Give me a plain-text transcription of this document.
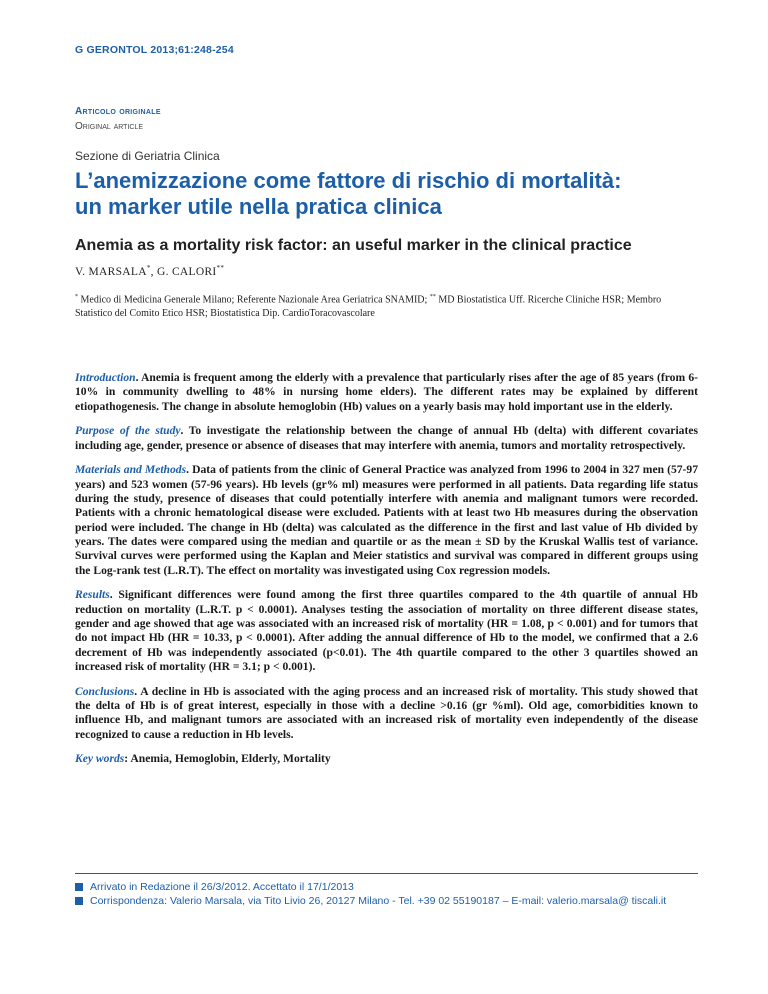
G GERONTOL 2013;61:248-254
Articolo originale
Original article
Sezione di Geriatria Clinica
L’anemizzazione come fattore di rischio di mortalità:
un marker utile nella pratica clinica
Anemia as a mortality risk factor: an useful marker in the clinical practice
V. MARSALA*, G. CALORI**
* Medico di Medicina Generale Milano; Referente Nazionale Area Geriatrica SNAMID; ** MD Biostatistica Uff. Ricerche Cliniche HSR; Membro Statistico del Comito Etico HSR; Biostatistica Dip. CardioToracovascolare

Introduction. Anemia is frequent among the elderly with a prevalence that particularly rises after the age of 85 years (from 6-10% in community dwelling to 48% in nursing home elders). The different rates may be explained by different etiopathogenesis. The change in absolute hemoglobin (Hb) values on a yearly basis may hold important use in the elderly.

Purpose of the study. To investigate the relationship between the change of annual Hb (delta) with different covariates including age, gender, presence or absence of diseases that may interfere with anemia, tumors and mortality retrospectively.

Materials and Methods. Data of patients from the clinic of General Practice was analyzed from 1996 to 2004 in 327 men (57-97 years) and 523 women (57-96 years). Hb levels (gr% ml) measures were performed in all patients. Data regarding life status during the study, presence of diseases that could potentially interfere with anemia and malignant tumors were recorded. Patients with a chronic hematological disease were excluded. Patients with at least two Hb measures during the observation period were included. The change in Hb (delta) was calculated as the difference in the first and last value of Hb divided by years. The dates were compared using the median and quartile or as the mean ± SD by the Kruskal Wallis test of variance. Survival curves were performed using the Kaplan and Meier statistics and survival was compared in different groups using the Log-rank test (L.R.T). The effect on mortality was investigated using Cox regression models.

Results. Significant differences were found among the first three quartiles compared to the 4th quartile of annual Hb reduction on mortality (L.R.T. p < 0.0001). Analyses testing the association of mortality on three different disease states, gender and age showed that age was associated with an increased risk of mortality (HR = 1.08, p < 0.001) and for tumors that do not impact Hb (HR = 10.33, p < 0.0001). After adding the annual difference of Hb to the model, we confirmed that a 2.6 decrement of Hb was independently associated (p<0.01). The 4th quartile compared to the other 3 quartiles showed an increased risk of mortality (HR = 3.1; p < 0.001).

Conclusions. A decline in Hb is associated with the aging process and an increased risk of mortality. This study showed that the delta of Hb is of great interest, especially in those with a decline >0.16 (gr %ml). Old age, comorbidities known to influence Hb, and malignant tumors are associated with an increased risk of mortality even independently of the disease recognized to cause a reduction in Hb levels.

Key words: Anemia, Hemoglobin, Elderly, Mortality

Arrivato in Redazione il 26/3/2012. Accettato il 17/1/2013
Corrispondenza: Valerio Marsala, via Tito Livio 26, 20127 Milano - Tel. +39 02 55190187 – E-mail: valerio.marsala@ tiscali.it
